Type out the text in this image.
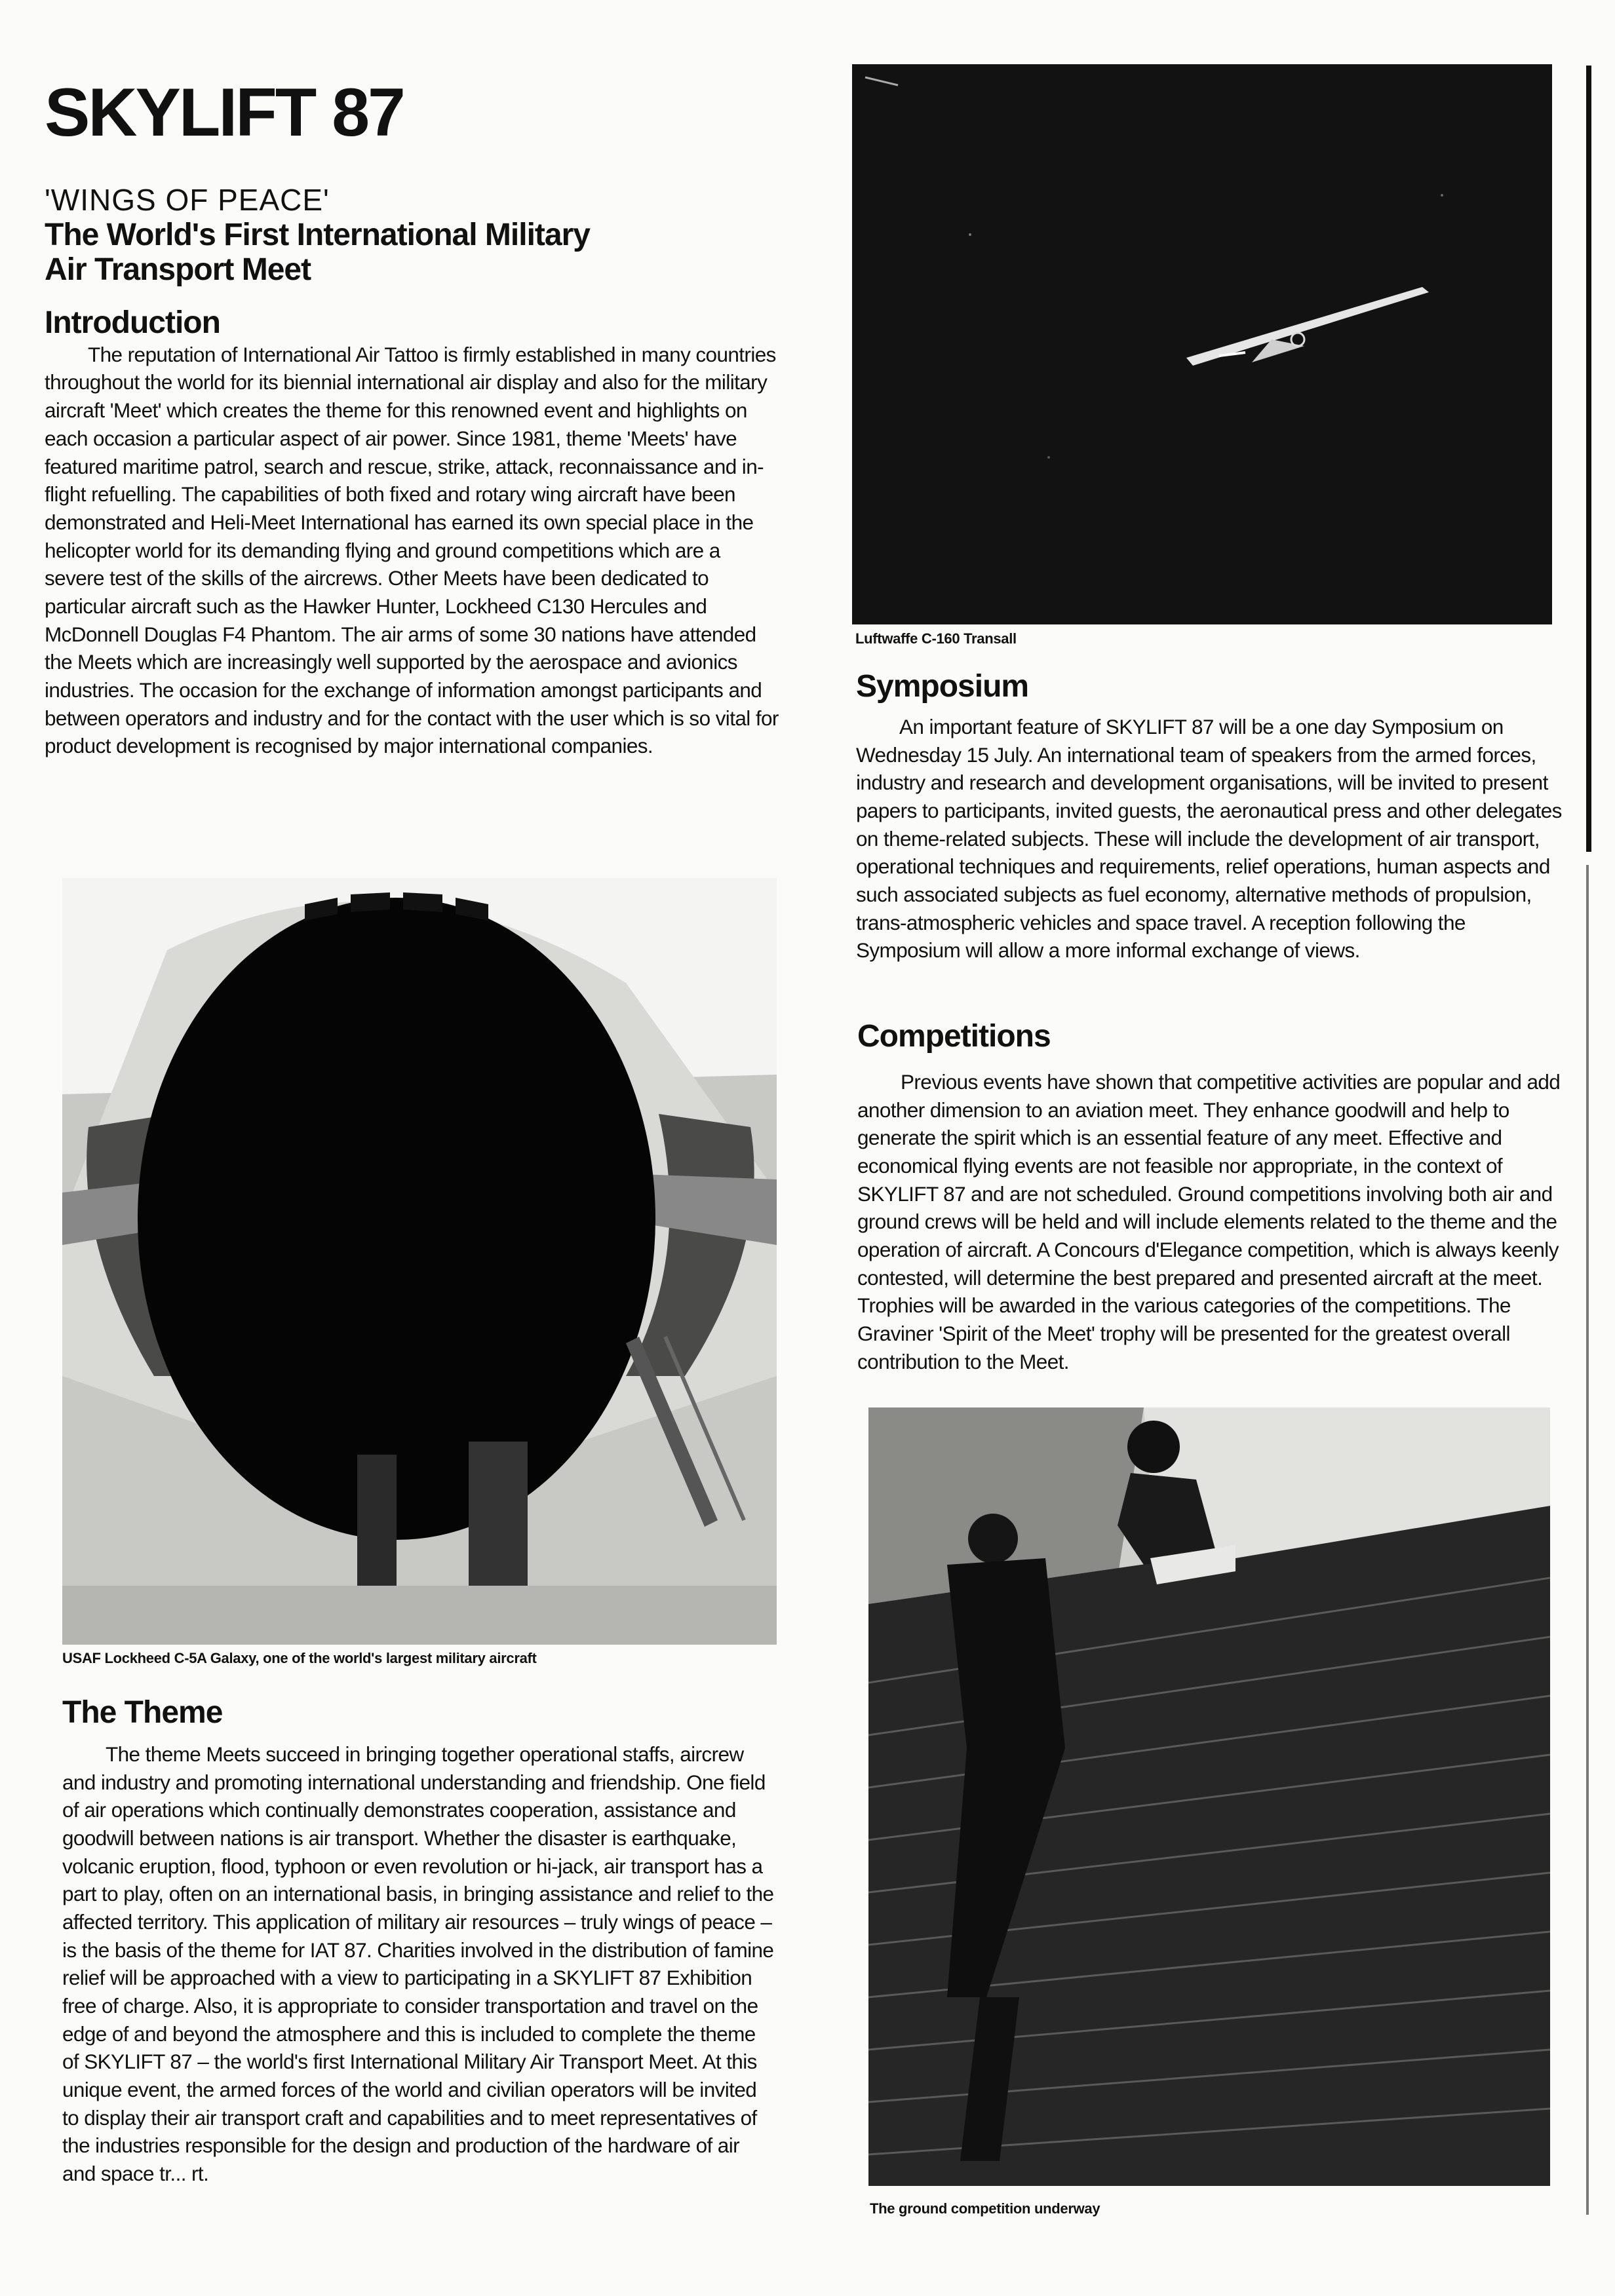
SKYLIFT 87
'WINGS OF PEACE'
The World's First International Military
Air Transport Meet
Introduction

The reputation of International Air Tattoo is firmly established in many countries throughout the world for its biennial international air display and also for the military aircraft 'Meet' which creates the theme for this renowned event and highlights on each occasion a particular aspect of air power. Since 1981, theme 'Meets' have featured maritime patrol, search and rescue, strike, attack, reconnaissance and in-flight refuelling. The capabilities of both fixed and rotary wing aircraft have been demonstrated and Heli-Meet International has earned its own special place in the helicopter world for its demanding flying and ground competitions which are a severe test of the skills of the aircrews. Other Meets have been dedicated to particular aircraft such as the Hawker Hunter, Lockheed C130 Hercules and McDonnell Douglas F4 Phantom. The air arms of some 30 nations have attended the Meets which are increasingly well supported by the aerospace and avionics industries. The occasion for the exchange of information amongst participants and between operators and industry and for the contact with the user which is so vital for product development is recognised by major international companies.

USAF Lockheed C-5A Galaxy, one of the world's largest military aircraft
The Theme

The theme Meets succeed in bringing together operational staffs, aircrew and industry and promoting international understanding and friendship. One field of air operations which continually demonstrates cooperation, assistance and goodwill between nations is air transport. Whether the disaster is earthquake, volcanic eruption, flood, typhoon or even revolution or hi-jack, air transport has a part to play, often on an international basis, in bringing assistance and relief to the affected territory. This application of military air resources – truly wings of peace – is the basis of the theme for IAT 87. Charities involved in the distribution of famine relief will be approached with a view to participating in a SKYLIFT 87 Exhibition free of charge. Also, it is appropriate to consider transportation and travel on the edge of and beyond the atmosphere and this is included to complete the theme of SKYLIFT 87 – the world's first International Military Air Transport Meet. At this unique event, the armed forces of the world and civilian operators will be invited to display their air transport craft and capabilities and to meet representatives of the industries responsible for the design and production of the hardware of air and space tr... rt.

Luftwaffe C-160 Transall
Symposium

An important feature of SKYLIFT 87 will be a one day Symposium on Wednesday 15 July. An international team of speakers from the armed forces, industry and research and development organisations, will be invited to present papers to participants, invited guests, the aeronautical press and other delegates on theme-related subjects. These will include the development of air transport, operational techniques and requirements, relief operations, human aspects and such associated subjects as fuel economy, alternative methods of propulsion, trans-atmospheric vehicles and space travel. A reception following the Symposium will allow a more informal exchange of views.

Competitions

Previous events have shown that competitive activities are popular and add another dimension to an aviation meet. They enhance goodwill and help to generate the spirit which is an essential feature of any meet. Effective and economical flying events are not feasible nor appropriate, in the context of SKYLIFT 87 and are not scheduled. Ground competitions involving both air and ground crews will be held and will include elements related to the theme and the operation of aircraft. A Concours d'Elegance competition, which is always keenly contested, will determine the best prepared and presented aircraft at the meet. Trophies will be awarded in the various categories of the competitions. The Graviner 'Spirit of the Meet' trophy will be presented for the greatest overall contribution to the Meet.

The ground competition underway
